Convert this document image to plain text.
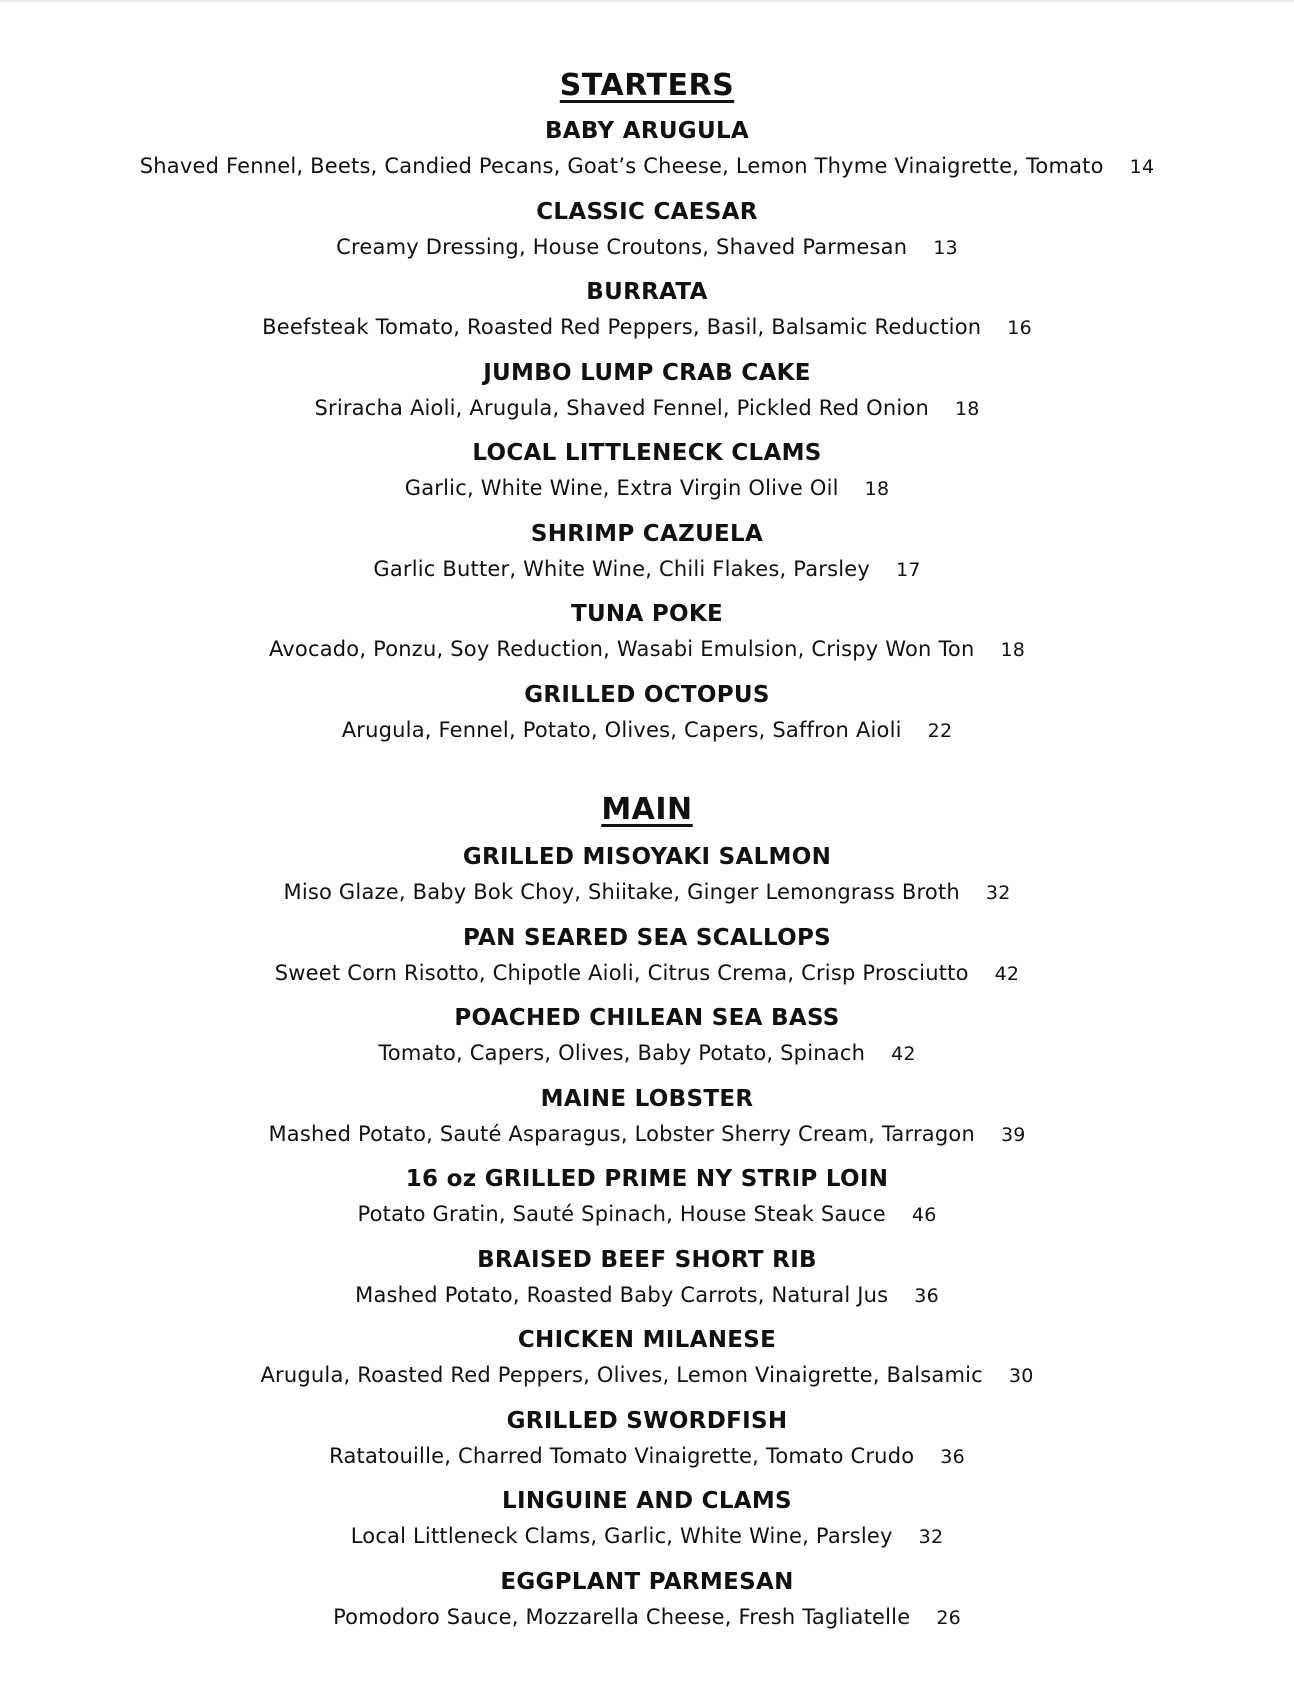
STARTERS
BABY ARUGULA
Shaved Fennel, Beets, Candied Pecans, Goat’s Cheese, Lemon Thyme Vinaigrette, Tomato 14
CLASSIC CAESAR
Creamy Dressing, House Croutons, Shaved Parmesan 13
BURRATA
Beefsteak Tomato, Roasted Red Peppers, Basil, Balsamic Reduction 16
JUMBO LUMP CRAB CAKE
Sriracha Aioli, Arugula, Shaved Fennel, Pickled Red Onion 18
LOCAL LITTLENECK CLAMS
Garlic, White Wine, Extra Virgin Olive Oil 18
SHRIMP CAZUELA
Garlic Butter, White Wine, Chili Flakes, Parsley 17
TUNA POKE
Avocado, Ponzu, Soy Reduction, Wasabi Emulsion, Crispy Won Ton 18
GRILLED OCTOPUS
Arugula, Fennel, Potato, Olives, Capers, Saffron Aioli 22
MAIN
GRILLED MISOYAKI SALMON
Miso Glaze, Baby Bok Choy, Shiitake, Ginger Lemongrass Broth 32
PAN SEARED SEA SCALLOPS
Sweet Corn Risotto, Chipotle Aioli, Citrus Crema, Crisp Prosciutto 42
POACHED CHILEAN SEA BASS
Tomato, Capers, Olives, Baby Potato, Spinach 42
MAINE LOBSTER
Mashed Potato, Sauté Asparagus, Lobster Sherry Cream, Tarragon 39
16 oz GRILLED PRIME NY STRIP LOIN
Potato Gratin, Sauté Spinach, House Steak Sauce 46
BRAISED BEEF SHORT RIB
Mashed Potato, Roasted Baby Carrots, Natural Jus 36
CHICKEN MILANESE
Arugula, Roasted Red Peppers, Olives, Lemon Vinaigrette, Balsamic 30
GRILLED SWORDFISH
Ratatouille, Charred Tomato Vinaigrette, Tomato Crudo 36
LINGUINE AND CLAMS
Local Littleneck Clams, Garlic, White Wine, Parsley 32
EGGPLANT PARMESAN
Pomodoro Sauce, Mozzarella Cheese, Fresh Tagliatelle 26
